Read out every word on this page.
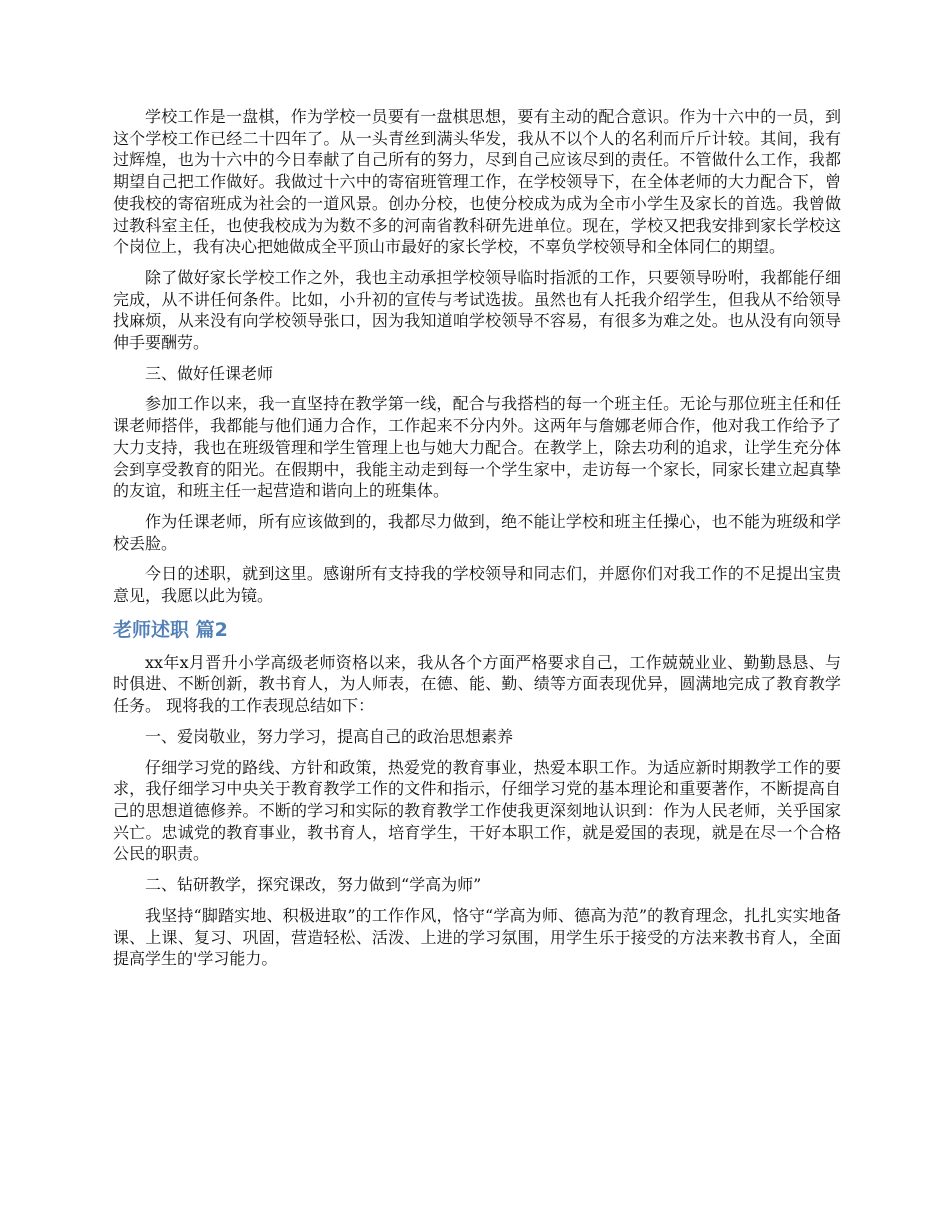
学校工作是一盘棋，作为学校一员要有一盘棋思想，要有主动的配合意识。作为十六中的一员，到这个学校工作已经二十四年了。从一头青丝到满头华发，我从不以个人的名利而斤斤计较。其间，我有过辉煌，也为十六中的今日奉献了自己所有的努力，尽到自己应该尽到的责任。不管做什么工作，我都期望自己把工作做好。我做过十六中的寄宿班管理工作，在学校领导下，在全体老师的大力配合下，曾使我校的寄宿班成为社会的一道风景。创办分校，也使分校成为成为全市小学生及家长的首选。我曾做过教科室主任，也使我校成为为数不多的河南省教科研先进单位。现在，学校又把我安排到家长学校这个岗位上，我有决心把她做成全平顶山市最好的家长学校，不辜负学校领导和全体同仁的期望。

除了做好家长学校工作之外，我也主动承担学校领导临时指派的工作，只要领导吩咐，我都能仔细完成，从不讲任何条件。比如，小升初的宣传与考试选拔。虽然也有人托我介绍学生，但我从不给领导找麻烦，从来没有向学校领导张口，因为我知道咱学校领导不容易，有很多为难之处。也从没有向领导伸手要酬劳。

三、做好任课老师

参加工作以来，我一直坚持在教学第一线，配合与我搭档的每一个班主任。无论与那位班主任和任课老师搭伴，我都能与他们通力合作，工作起来不分内外。这两年与詹娜老师合作，他对我工作给予了大力支持，我也在班级管理和学生管理上也与她大力配合。在教学上，除去功利的追求，让学生充分体会到享受教育的阳光。在假期中，我能主动走到每一个学生家中，走访每一个家长，同家长建立起真挚的友谊，和班主任一起营造和谐向上的班集体。

作为任课老师，所有应该做到的，我都尽力做到，绝不能让学校和班主任操心，也不能为班级和学校丢脸。

今日的述职，就到这里。感谢所有支持我的学校领导和同志们，并愿你们对我工作的不足提出宝贵意见，我愿以此为镜。

老师述职 篇2

xx年x月晋升小学高级老师资格以来，我从各个方面严格要求自己，工作兢兢业业、勤勤恳恳、与时俱进、不断创新，教书育人，为人师表，在德、能、勤、绩等方面表现优异，圆满地完成了教育教学任务。 现将我的工作表现总结如下：

一、爱岗敬业，努力学习，提高自己的政治思想素养

仔细学习党的路线、方针和政策，热爱党的教育事业，热爱本职工作。为适应新时期教学工作的要求，我仔细学习中央关于教育教学工作的文件和指示，仔细学习党的基本理论和重要著作，不断提高自己的思想道德修养。不断的学习和实际的教育教学工作使我更深刻地认识到：作为人民老师，关乎国家兴亡。忠诚党的教育事业，教书育人，培育学生，干好本职工作，就是爱国的表现，就是在尽一个合格公民的职责。

二、钻研教学，探究课改，努力做到“学高为师”

我坚持“脚踏实地、积极进取”的工作作风，恪守“学高为师、德高为范”的教育理念，扎扎实实地备课、上课、复习、巩固，营造轻松、活泼、上进的学习氛围，用学生乐于接受的方法来教书育人，全面提高学生的'学习能力。
